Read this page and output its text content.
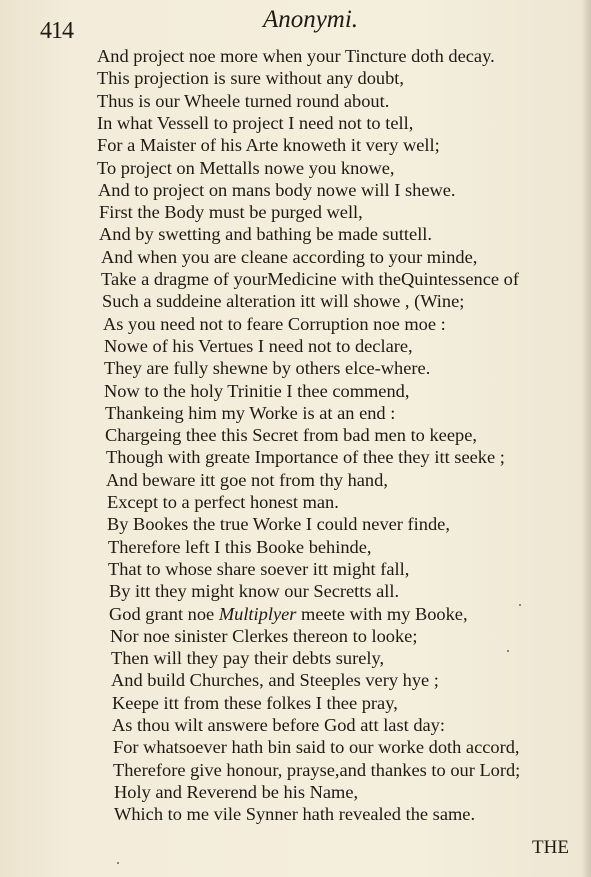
414	Anonymi.
And project noe more when your Tincture doth decay.
This projection is sure without any doubt,
Thus is our Wheele turned round about.
In what Vessell to project I need not to tell,
For a Maister of his Arte knoweth it very well;
To project on Mettalls nowe you knowe,
And to project on mans body nowe will I shewe.
First the Body must be purged well,
And by swetting and bathing be made suttell.
And when you are cleane according to your minde,
Take a dragme of yourMedicine with theQuintessence of
Such a suddeine alteration itt will showe , (Wine;
As you need not to feare Corruption noe moe :
Nowe of his Vertues I need not to declare,
They are fully shewne by others elce-where.
Now to the holy Trinitie I thee commend,
Thankeing him my Worke is at an end :
Chargeing thee this Secret from bad men to keepe,
Though with greate Importance of thee they itt seeke ;
And beware itt goe not from thy hand,
Except to a perfect honest man.
By Bookes the true Worke I could never finde,
Therefore left I this Booke behinde,
That to whose share soever itt might fall,
By itt they might know our Secretts all.
God grant noe Multiplyer meete with my Booke,
Nor noe sinister Clerkes thereon to looke;
Then will they pay their debts surely,
And build Churches, and Steeples very hye ;
Keepe itt from these folkes I thee pray,
As thou wilt answere before God att last day:
For whatsoever hath bin said to our worke doth accord,
Therefore give honour, prayse,and thankes to our Lord;
Holy and Reverend be his Name,
Which to me vile Synner hath revealed the same.
THE
